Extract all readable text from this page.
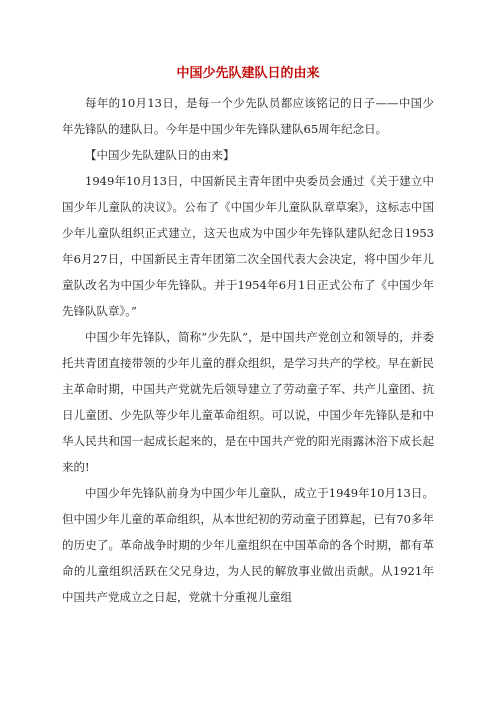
中国少先队建队日的由来

每年的10月13日，是每一个少先队员都应该铭记的日子——中国少年先锋队的建队日。今年是中国少年先锋队建队65周年纪念日。

【中国少先队建队日的由来】

1949年10月13日，中国新民主青年团中央委员会通过《关于建立中国少年儿童队的决议》。公布了《中国少年儿童队队章草案》，这标志中国少年儿童队组织正式建立，这天也成为中国少年先锋队建队纪念日1953年6月27日，中国新民主青年团第二次全国代表大会决定，将中国少年儿童队改名为中国少年先锋队。并于1954年6月1日正式公布了《中国少年先锋队队章》。”

中国少年先锋队，简称“少先队”，是中国共产党创立和领导的，并委托共青团直接带领的少年儿童的群众组织，是学习共产的学校。早在新民主革命时期，中国共产党就先后领导建立了劳动童子军、共产儿童团、抗日儿童团、少先队等少年儿童革命组织。可以说，中国少年先锋队是和中华人民共和国一起成长起来的，是在中国共产党的阳光雨露沐浴下成长起来的!

中国少年先锋队前身为中国少年儿童队，成立于1949年10月13日。但中国少年儿童的革命组织，从本世纪初的劳动童子团算起，已有70多年的历史了。革命战争时期的少年儿童组织在中国革命的各个时期，都有革命的儿童组织活跃在父兄身边，为人民的解放事业做出贡献。从1921年中国共产党成立之日起，党就十分重视儿童组
